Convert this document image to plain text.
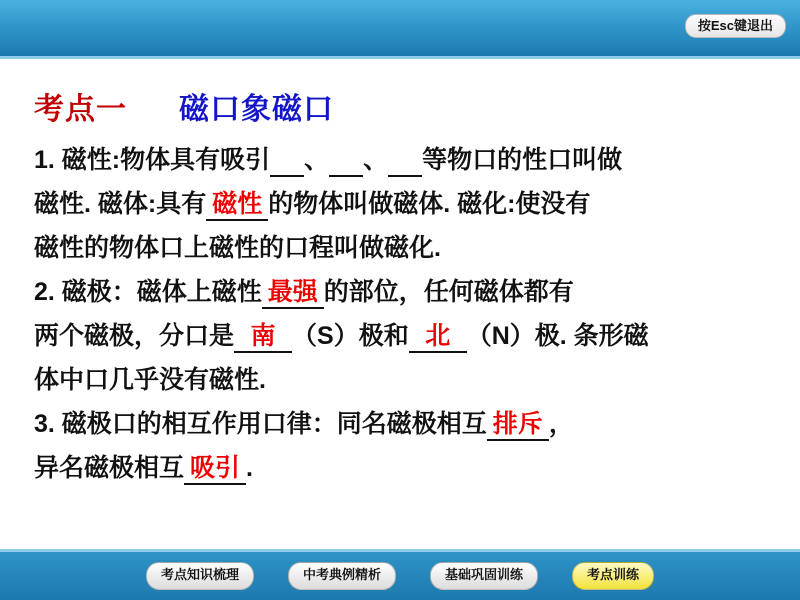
按Esc键退出
考点一 磁口象磁口
1. 磁性:物体具有吸引 、 、 等物口的性口叫做
磁性. 磁体:具有 磁性 的物体叫做磁体. 磁化:使没有
磁性的物体口上磁性的口程叫做磁化.
2. 磁极：磁体上磁性 最强 的部位，任何磁体都有
两个磁极，分口是 南 （S）极和 北 （N）极. 条形磁
体中口几乎没有磁性.
3. 磁极口的相互作用口律：同名磁极相互 排斥 ，
异名磁极相互 吸引 .
考点知识梳理	中考典例精析	基础巩固训练	考点训练
